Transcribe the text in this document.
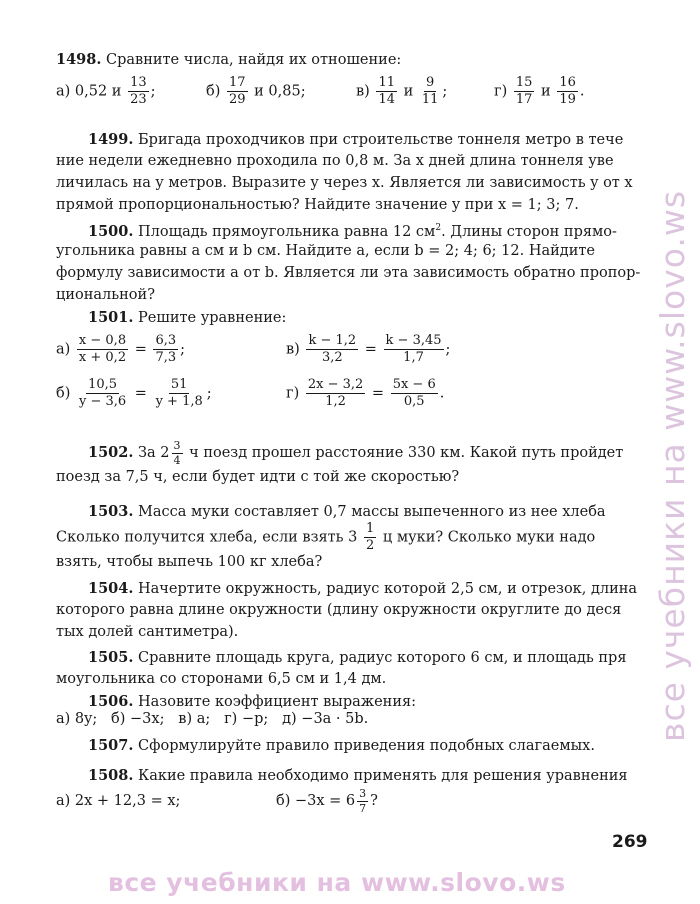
1498. Сравните числа, найдя их отношение:
а) 0,52 и $\frac{13}{23}$ ;	$б) \frac{17}{29}$ и 0,85;	$в) \frac{11}{14}$ и $\frac{9}{11}$ ;	$г) \frac{15}{17}$ и $\frac{16}{19}$ .
1499. Бригада проходчиков при строительстве тоннеля метро в тече
ние недели ежедневно проходила по 0,8 м. За x дней длина тоннеля уве
личилась на y метров. Выразите y через x. Является ли зависимость y от x
прямой пропорциональностью? Найдите значение y при x = 1; 3; 7.
1500. Площадь прямоугольника равна 12 $см^2$. Длины сторон прямо-
угольника равны a см и b см. Найдите a, если b = 2; 4; 6; 12. Найдите
формулу зависимости a от b. Является ли эта зависимость обратно пропор-
циональной?
1501. Решите уравнение:
$а) \frac{x - 0,8}{x + 0,2} = \frac{6,3}{7,3}$ ;	$в) \frac{k - 1,2}{3,2} = \frac{k - 3,45}{1,7}$ ;
$б) \frac{10,5}{y - 3,6} = \frac{51}{y + 1,8}$ ;	$г) \frac{2x - 3,2}{1,2} = \frac{5x - 6}{0,5}$ .
1502. За $2 \frac{3}{4}$ ч поезд прошел расстояние 330 км. Какой путь пройдет
поезд за 7,5 ч, если будет идти с той же скоростью?
1503. Масса муки составляет 0,7 массы выпеченного из нее хлеба
Сколько получится хлеба, если взять $3 \frac{1}{2}$ ц муки? Сколько муки надо
взять, чтобы выпечь 100 кг хлеба?
1504. Начертите окружность, радиус которой 2,5 см, и отрезок, длина
которого равна длине окружности (длину окружности округлите до деся
тых долей сантиметра).
1505. Сравните площадь круга, радиус которого 6 см, и площадь пря
моугольника со сторонами 6,5 см и 1,4 дм.
1506. Назовите коэффициент выражения:
а) 8y;   б) −3x;   в) a;   г) −p;   д) −3a · 5b.
1507. Сформулируйте правило приведения подобных слагаемых.
1508. Какие правила необходимо применять для решения уравнения
а) 2x + 12,3 = x;	$б) -3x = 6 \frac{3}{7}$ ?
269
все учебники на www.slovo.ws
все учебники на www.slovo.ws
